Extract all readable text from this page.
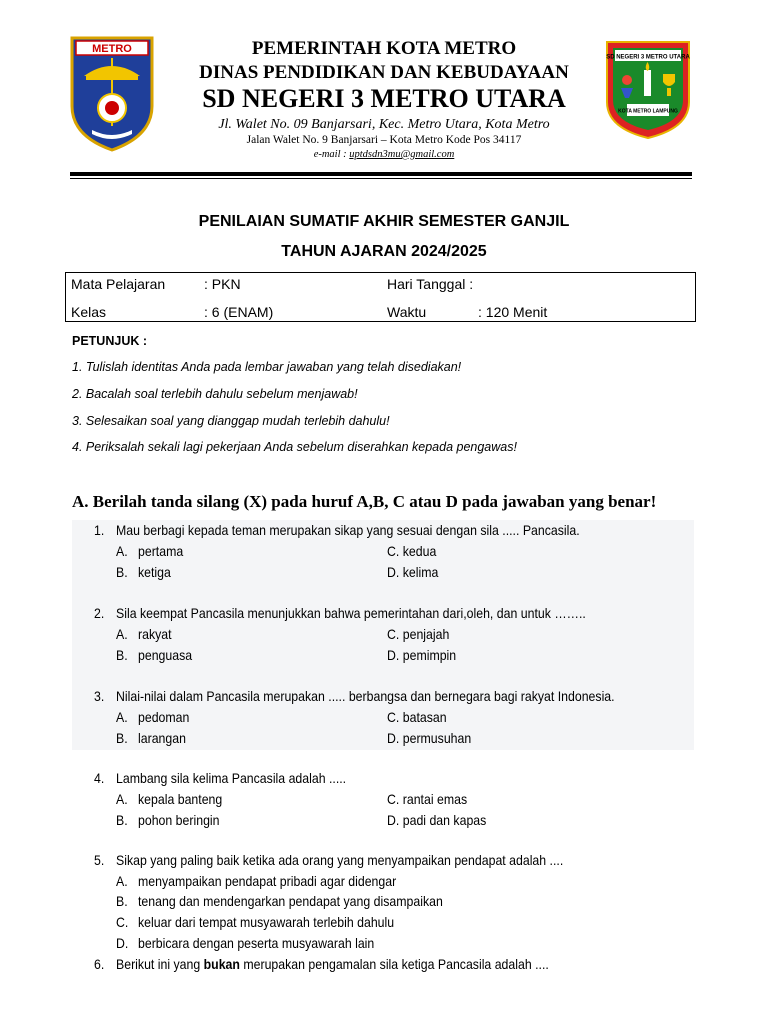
METRO
SD NEGERI 3 METRO UTARA
KOTA METRO LAMPUNG
PEMERINTAH KOTA METRO
DINAS PENDIDIKAN DAN KEBUDAYAAN
SD NEGERI 3 METRO UTARA
Jl. Walet No. 09 Banjarsari, Kec. Metro Utara, Kota Metro
Jalan Walet No. 9 Banjarsari – Kota Metro Kode Pos 34117
e-mail : uptdsdn3mu@gmail.com
PENILAIAN SUMATIF AKHIR SEMESTER GANJIL
TAHUN AJARAN 2024/2025
Mata Pelajaran	: PKN	Hari Tanggal :
Kelas	: 6 (ENAM)	Waktu	: 120 Menit
PETUNJUK :
1. Tulislah identitas Anda pada lembar jawaban yang telah disediakan!
2. Bacalah soal terlebih dahulu sebelum menjawab!
3. Selesaikan soal yang dianggap mudah terlebih dahulu!
4. Periksalah sekali lagi pekerjaan Anda sebelum diserahkan kepada pengawas!
A. Berilah tanda silang (X) pada huruf A,B, C atau D pada jawaban yang benar!
1. Mau berbagi kepada teman merupakan sikap yang sesuai dengan sila ..... Pancasila.
A. pertama
B. ketiga
C. kedua
D. kelima
2. Sila keempat Pancasila menunjukkan bahwa pemerintahan dari,oleh, dan untuk ……..
A. rakyat
B. penguasa
C. penjajah
D. pemimpin
3. Nilai-nilai dalam Pancasila merupakan ..... berbangsa dan bernegara bagi rakyat Indonesia.
A. pedoman
B. larangan
C. batasan
D. permusuhan
4. Lambang sila kelima Pancasila adalah .....
A. kepala banteng
B. pohon beringin
C. rantai emas
D. padi dan kapas
5. Sikap yang paling baik ketika ada orang yang menyampaikan pendapat adalah ....
A. menyampaikan pendapat pribadi agar didengar
B. tenang dan mendengarkan pendapat yang disampaikan
C. keluar dari tempat musyawarah terlebih dahulu
D. berbicara dengan peserta musyawarah lain
6. Berikut ini yang bukan merupakan pengamalan sila ketiga Pancasila adalah ....
